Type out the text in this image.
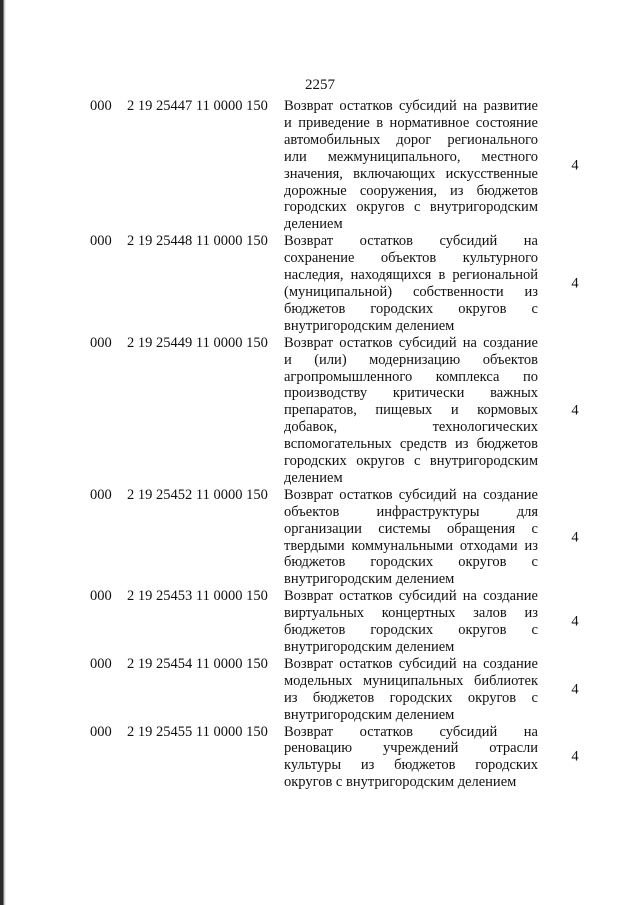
2257
000 2 19 25447 11 0000 150 Возврат остатков субсидий на развитие и приведение в нормативное состояние автомобильных дорог регионального или межмуниципального, местного значения, включающих искусственные дорожные сооружения, из бюджетов городских округов с внутригородским делением
4
000 2 19 25448 11 0000 150 Возврат остатков субсидий на сохранение объектов культурного наследия, находящихся в региональной (муниципальной) собственности из бюджетов городских округов с внутригородским делением
4
000 2 19 25449 11 0000 150 Возврат остатков субсидий на создание и (или) модернизацию объектов агропромышленного комплекса по производству критически важных препаратов, пищевых и кормовых добавок, технологических вспомогательных средств из бюджетов городских округов с внутригородским делением
4
000 2 19 25452 11 0000 150 Возврат остатков субсидий на создание объектов инфраструктуры для организации системы обращения с твердыми коммунальными отходами из бюджетов городских округов с внутригородским делением
4
000 2 19 25453 11 0000 150 Возврат остатков субсидий на создание виртуальных концертных залов из бюджетов городских округов с внутригородским делением
4
000 2 19 25454 11 0000 150 Возврат остатков субсидий на создание модельных муниципальных библиотек из бюджетов городских округов с внутригородским делением
4
000 2 19 25455 11 0000 150 Возврат остатков субсидий на реновацию учреждений отрасли культуры из бюджетов городских округов с внутригородским делением
4
